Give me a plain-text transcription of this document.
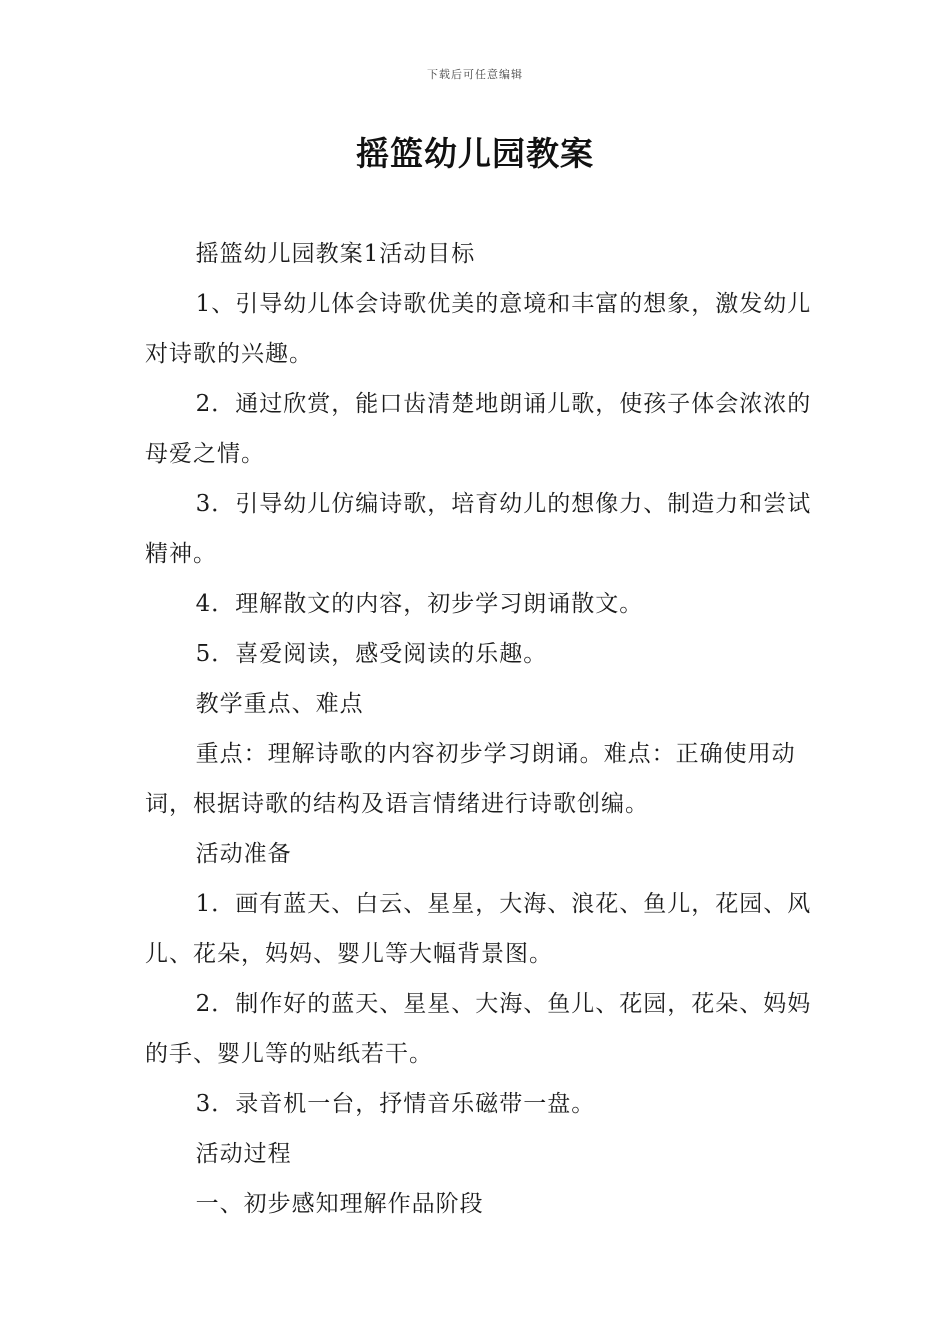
下载后可任意编辑
摇篮幼儿园教案

摇篮幼儿园教案1活动目标

1、引导幼儿体会诗歌优美的意境和丰富的想象，激发幼儿对诗歌的兴趣。

2．通过欣赏，能口齿清楚地朗诵儿歌，使孩子体会浓浓的母爱之情。

3．引导幼儿仿编诗歌，培育幼儿的想像力、制造力和尝试精神。

4．理解散文的内容，初步学习朗诵散文。

5．喜爱阅读，感受阅读的乐趣。

教学重点、难点

重点：理解诗歌的内容初步学习朗诵。难点：正确使用动词，根据诗歌的结构及语言情绪进行诗歌创编。

活动准备

1．画有蓝天、白云、星星，大海、浪花、鱼儿，花园、风儿、花朵，妈妈、婴儿等大幅背景图。

2．制作好的蓝天、星星、大海、鱼儿、花园，花朵、妈妈的手、婴儿等的贴纸若干。

3．录音机一台，抒情音乐磁带一盘。

活动过程

一、初步感知理解作品阶段
